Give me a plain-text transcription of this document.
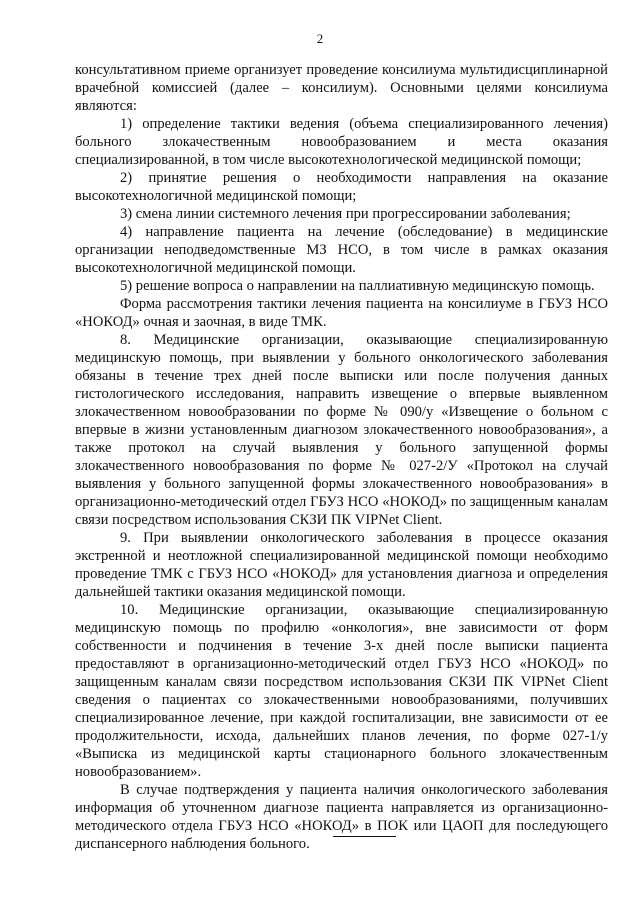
2

консультативном приеме организует проведение консилиума мультидисциплинарной врачебной комиссией (далее – консилиум). Основными целями консилиума являются:

1) определение тактики ведения (объема специализированного лечения) больного злокачественным новообразованием и места оказания специализированной, в том числе высокотехнологической медицинской помощи;

2) принятие решения о необходимости направления на оказание высокотехнологичной медицинской помощи;

3) смена линии системного лечения при прогрессировании заболевания;

4) направление пациента на лечение (обследование) в медицинские организации неподведомственные МЗ НСО, в том числе в рамках оказания высокотехнологичной медицинской помощи.

5) решение вопроса о направлении на паллиативную медицинскую помощь.

Форма рассмотрения тактики лечения пациента на консилиуме в ГБУЗ НСО «НОКОД» очная и заочная, в виде ТМК.

8. Медицинские организации, оказывающие специализированную медицинскую помощь, при выявлении у больного онкологического заболевания обязаны в течение трех дней после выписки или после получения данных гистологического исследования, направить извещение о впервые выявленном злокачественном новообразовании по форме № 090/у «Извещение о больном с впервые в жизни установленным диагнозом злокачественного новообразования», а также протокол на случай выявления у больного запущенной формы злокачественного новообразования по форме № 027-2/У «Протокол на случай выявления у больного запущенной формы злокачественного новообразования» в организационно-методический отдел ГБУЗ НСО «НОКОД» по защищенным каналам связи посредством использования СКЗИ ПК VIPNet Client.

9. При выявлении онкологического заболевания в процессе оказания экстренной и неотложной специализированной медицинской помощи необходимо проведение ТМК с ГБУЗ НСО «НОКОД» для установления диагноза и определения дальнейшей тактики оказания медицинской помощи.

10. Медицинские организации, оказывающие специализированную медицинскую помощь по профилю «онкология», вне зависимости от форм собственности и подчинения в течение 3-х дней после выписки пациента предоставляют в организационно-методический отдел ГБУЗ НСО «НОКОД» по защищенным каналам связи посредством использования СКЗИ ПК VIPNet Client сведения о пациентах со злокачественными новообразованиями, получивших специализированное лечение, при каждой госпитализации, вне зависимости от ее продолжительности, исхода, дальнейших планов лечения, по форме 027-1/у «Выписка из медицинской карты стационарного больного злокачественным новообразованием».

В случае подтверждения у пациента наличия онкологического заболевания информация об уточненном диагнозе пациента направляется из организационно-методического отдела ГБУЗ НСО «НОКОД» в ПОК или ЦАОП для последующего диспансерного наблюдения больного.
